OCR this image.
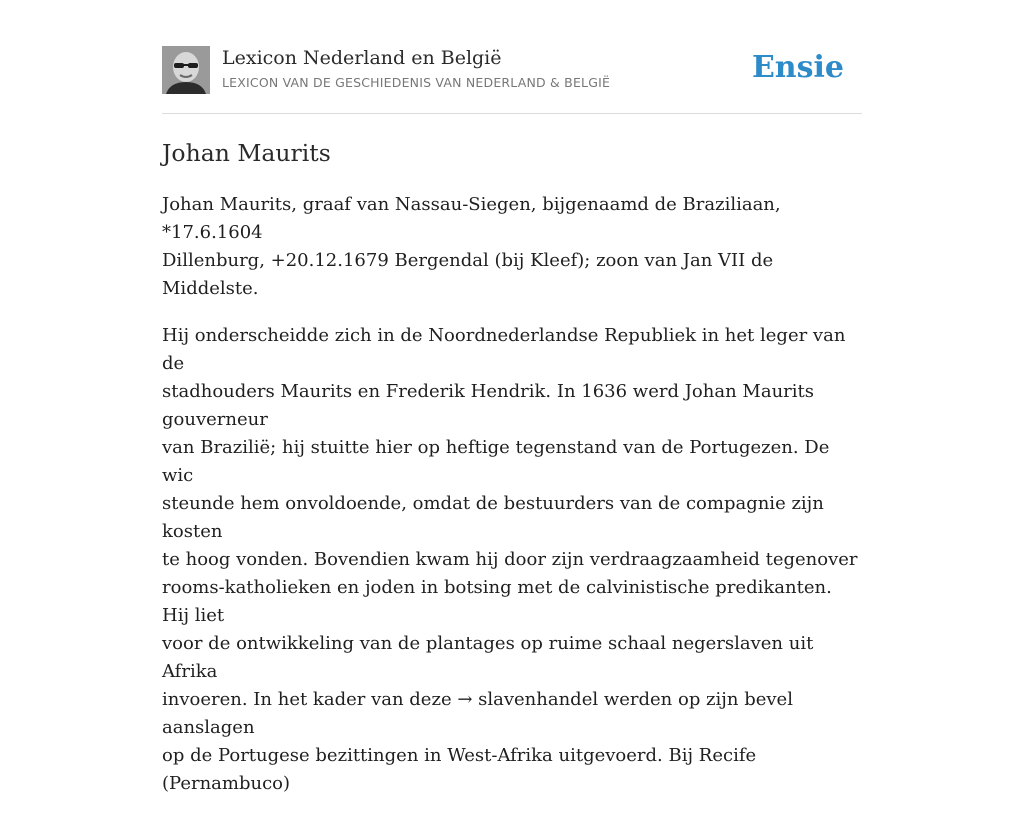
Lexicon Nederland en België
LEXICON VAN DE GESCHIEDENIS VAN NEDERLAND & BELGIË	Ensie
Johan Maurits

Johan Maurits, graaf van Nassau-Siegen, bijgenaamd de Braziliaan, *17.6.1604
Dillenburg, +20.12.1679 Bergendal (bij Kleef); zoon van Jan VII de Middelste.

Hij onderscheidde zich in de Noordnederlandse Republiek in het leger van de
stadhouders Maurits en Frederik Hendrik. In 1636 werd Johan Maurits gouverneur
van Brazilië; hij stuitte hier op heftige tegenstand van de Portugezen. De wic
steunde hem onvoldoende, omdat de bestuurders van de compagnie zijn kosten
te hoog vonden. Bovendien kwam hij door zijn verdraagzaamheid tegenover
rooms-katholieken en joden in botsing met de calvinistische predikanten. Hij liet
voor de ontwikkeling van de plantages op ruime schaal negerslaven uit Afrika
invoeren. In het kader van deze → slavenhandel werden op zijn bevel aanslagen
op de Portugese bezittingen in West-Afrika uitgevoerd. Bij Recife (Pernambuco)
